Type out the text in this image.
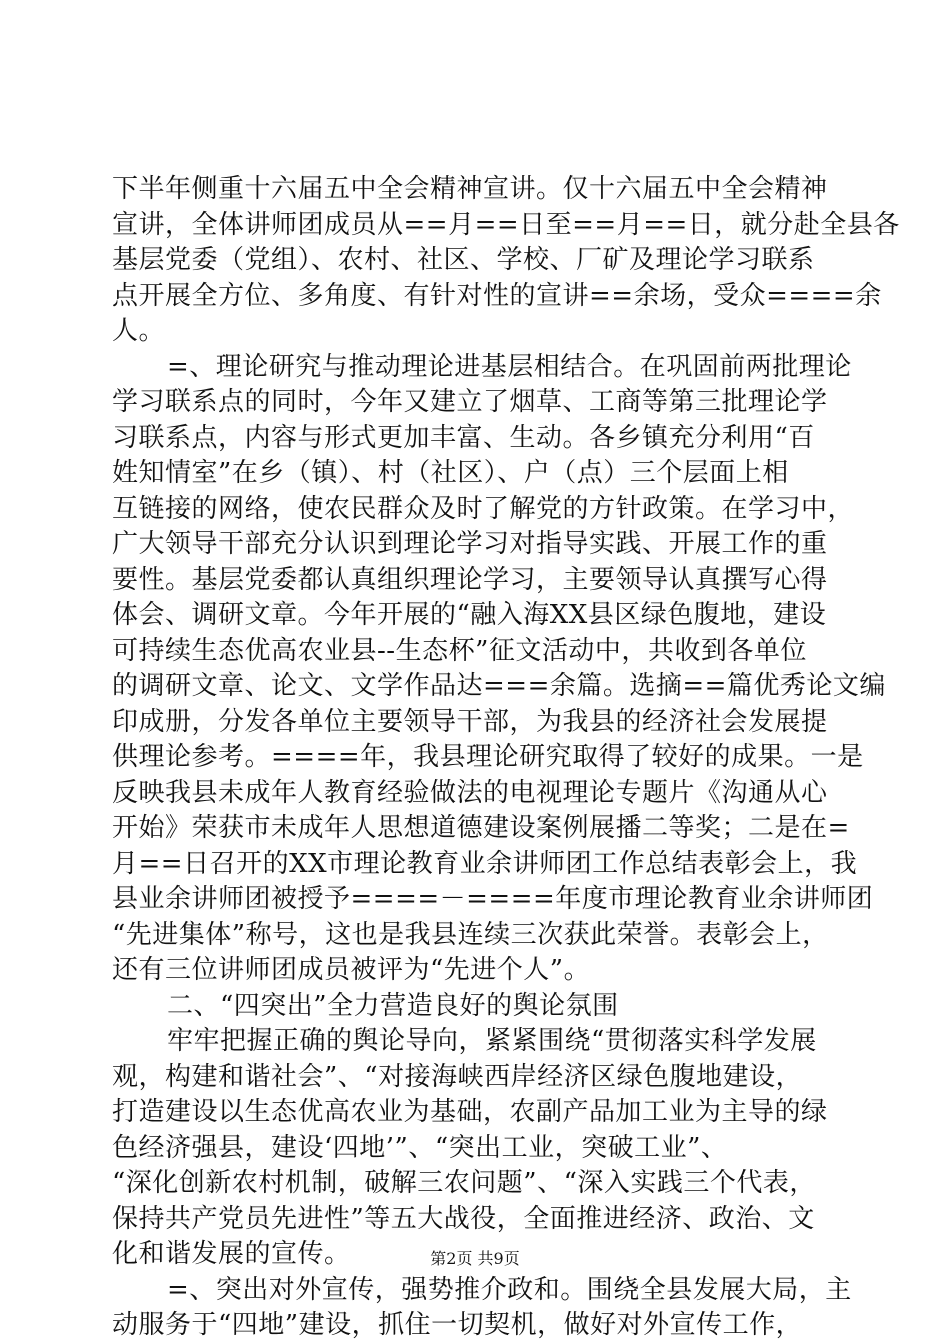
下半年侧重十六届五中全会精神宣讲。仅十六届五中全会精神
宣讲，全体讲师团成员从==月==日至==月==日，就分赴全县各
基层党委（党组）、农村、社区、学校、厂矿及理论学习联系
点开展全方位、多角度、有针对性的宣讲==余场，受众====余
人。
=、理论研究与推动理论进基层相结合。在巩固前两批理论
学习联系点的同时，今年又建立了烟草、工商等第三批理论学
习联系点，内容与形式更加丰富、生动。各乡镇充分利用“百
姓知情室”在乡（镇）、村（社区）、户（点）三个层面上相
互链接的网络，使农民群众及时了解党的方针政策。在学习中，
广大领导干部充分认识到理论学习对指导实践、开展工作的重
要性。基层党委都认真组织理论学习，主要领导认真撰写心得
体会、调研文章。今年开展的“融入海XX县区绿色腹地，建设
可持续生态优高农业县--生态杯”征文活动中，共收到各单位
的调研文章、论文、文学作品达===余篇。选摘==篇优秀论文编
印成册，分发各单位主要领导干部，为我县的经济社会发展提
供理论参考。====年，我县理论研究取得了较好的成果。一是
反映我县未成年人教育经验做法的电视理论专题片《沟通从心
开始》荣获市未成年人思想道德建设案例展播二等奖；二是在=
月==日召开的XX市理论教育业余讲师团工作总结表彰会上，我
县业余讲师团被授予====－====年度市理论教育业余讲师团
“先进集体”称号，这也是我县连续三次获此荣誉。表彰会上，
还有三位讲师团成员被评为“先进个人”。
二、“四突出”全力营造良好的舆论氛围
牢牢把握正确的舆论导向，紧紧围绕“贯彻落实科学发展
观，构建和谐社会”、“对接海峡西岸经济区绿色腹地建设，
打造建设以生态优高农业为基础，农副产品加工业为主导的绿
色经济强县，建设‘四地’”、“突出工业，突破工业”、
“深化创新农村机制，破解三农问题”、“深入实践三个代表，
保持共产党员先进性”等五大战役，全面推进经济、政治、文
化和谐发展的宣传。
=、突出对外宣传，强势推介政和。围绕全县发展大局，主
动服务于“四地”建设，抓住一切契机，做好对外宣传工作，
第2页 共9页
